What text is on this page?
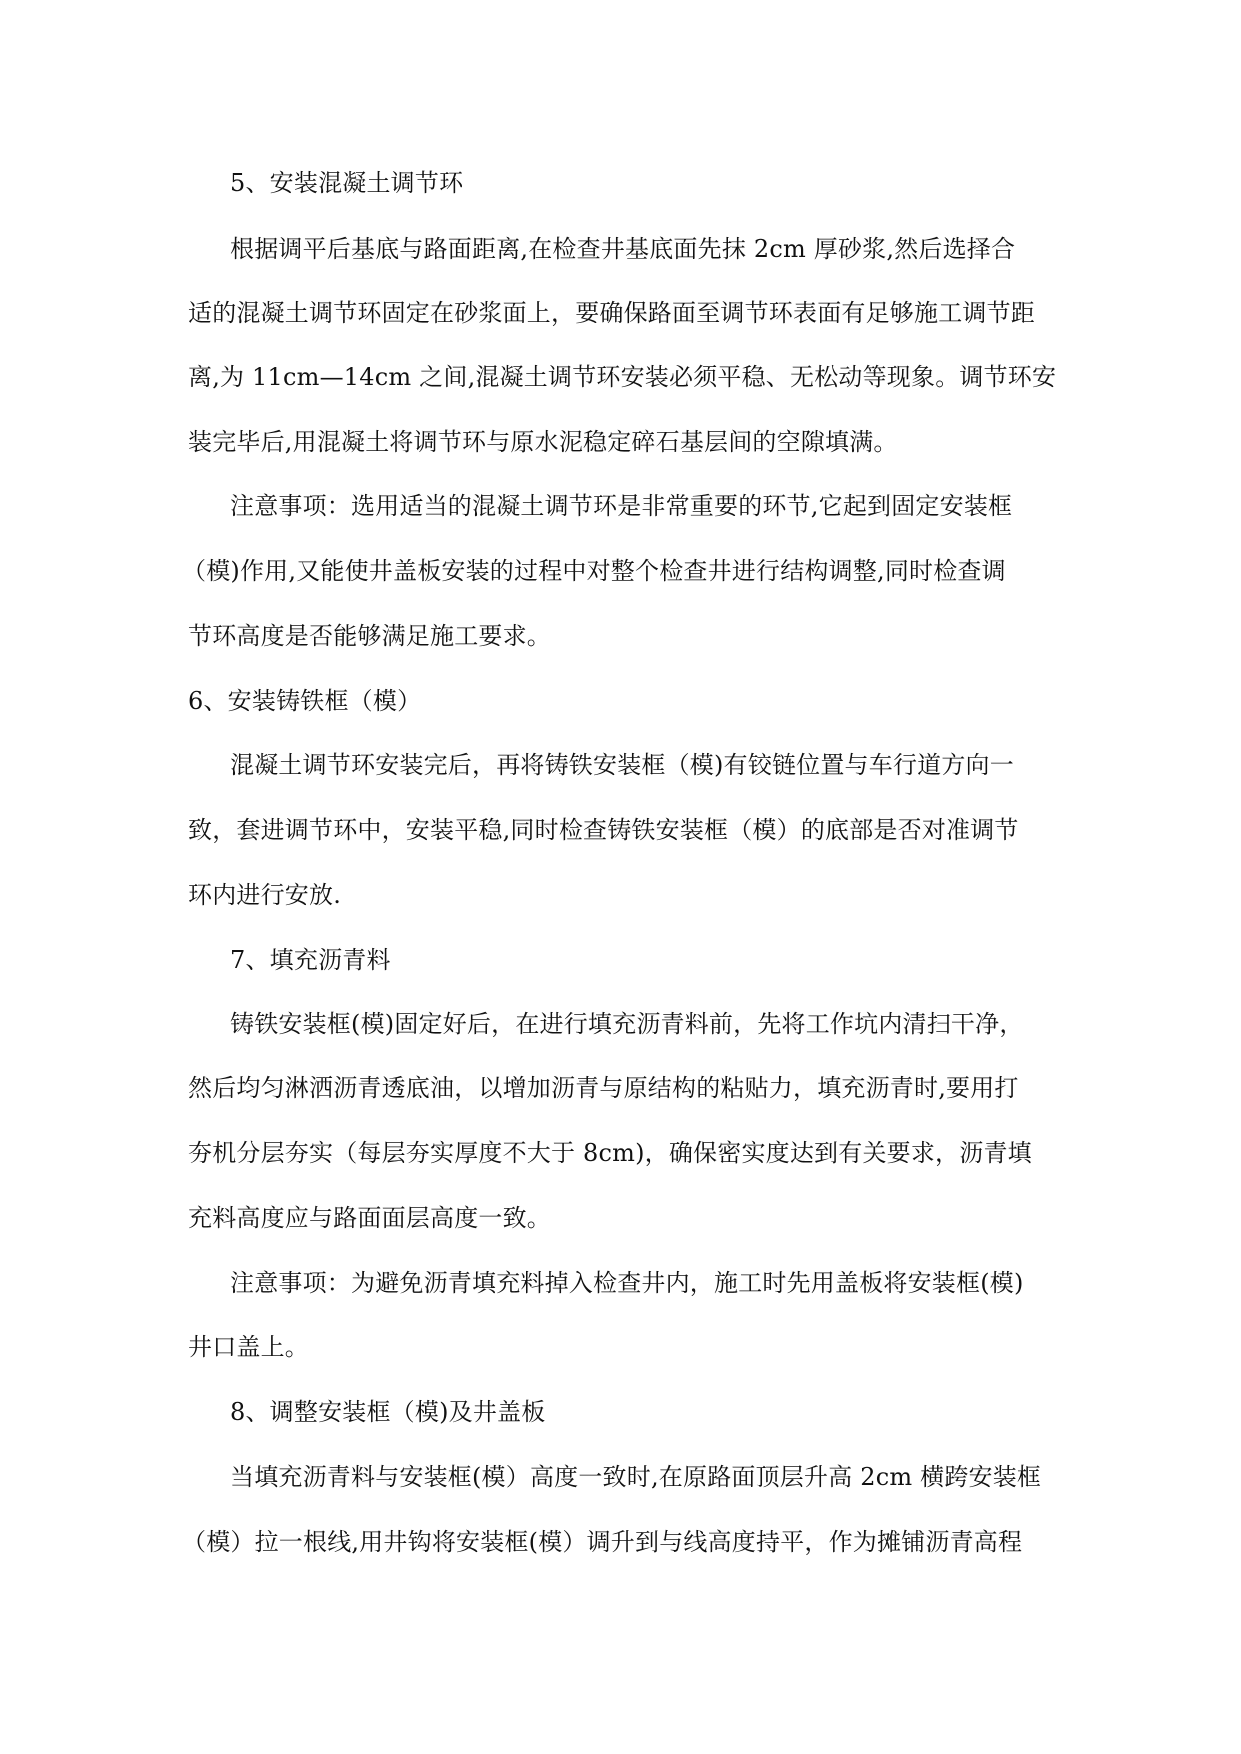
5、安装混凝土调节环
根据调平后基底与路面距离,在检查井基底面先抹 2cm 厚砂浆,然后选择合
适的混凝土调节环固定在砂浆面上，要确保路面至调节环表面有足够施工调节距
离,为 11cm—14cm 之间,混凝土调节环安装必须平稳、无松动等现象。调节环安
装完毕后,用混凝土将调节环与原水泥稳定碎石基层间的空隙填满。
注意事项：选用适当的混凝土调节环是非常重要的环节,它起到固定安装框
（模)作用,又能使井盖板安装的过程中对整个检查井进行结构调整,同时检查调
节环高度是否能够满足施工要求。
6、安装铸铁框（模）
混凝土调节环安装完后，再将铸铁安装框（模)有铰链位置与车行道方向一
致，套进调节环中，安装平稳,同时检查铸铁安装框（模）的底部是否对准调节
环内进行安放.
7、填充沥青料
铸铁安装框(模)固定好后，在进行填充沥青料前，先将工作坑内清扫干净，
然后均匀淋洒沥青透底油，以增加沥青与原结构的粘贴力，填充沥青时,要用打
夯机分层夯实（每层夯实厚度不大于 8cm)，确保密实度达到有关要求，沥青填
充料高度应与路面面层高度一致。
注意事项：为避免沥青填充料掉入检查井内，施工时先用盖板将安装框(模)
井口盖上。
8、调整安装框（模)及井盖板
当填充沥青料与安装框(模）高度一致时,在原路面顶层升高 2cm 横跨安装框
（模）拉一根线,用井钩将安装框(模）调升到与线高度持平，作为摊铺沥青高程
